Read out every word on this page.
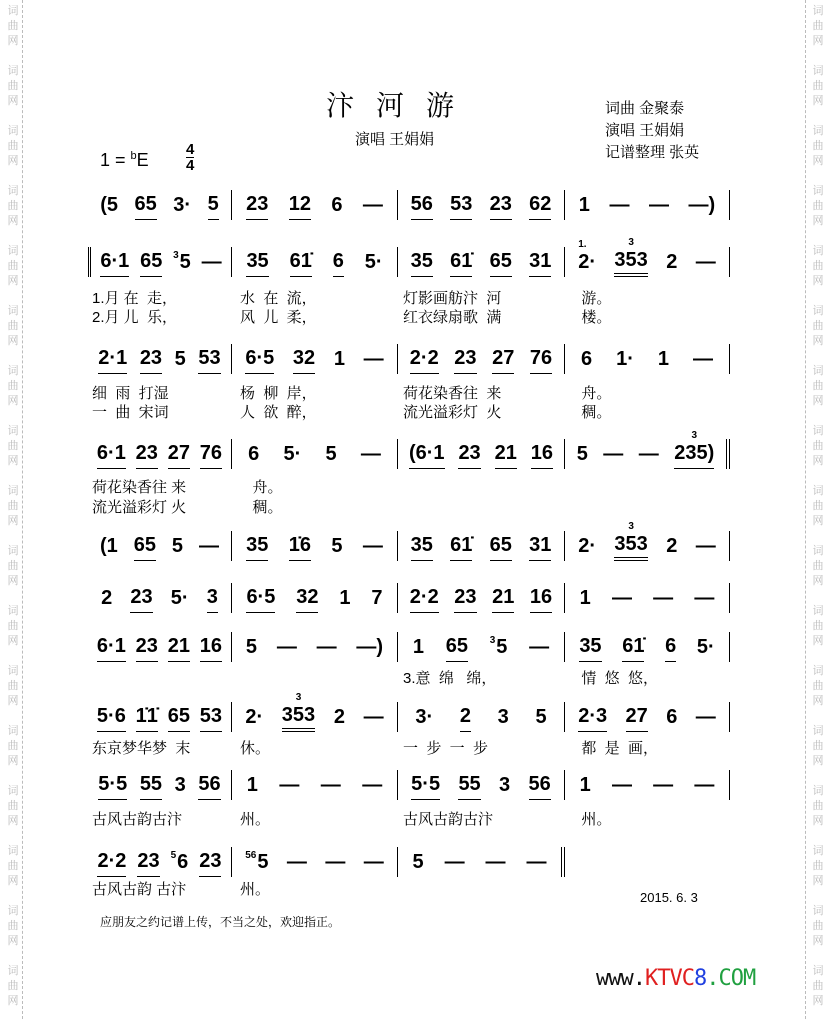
词
曲
网
词
曲
网
词
曲
网
词
曲
网
词
曲
网
词
曲
网
词
曲
网
词
曲
网
词
曲
网
词
曲
网
词
曲
网
词
曲
网
词
曲
网
词
曲
网
词
曲
网
词
曲
网
词
曲
网
词
曲
网
词
曲
网
词
曲
网
词
曲
网
词
曲
网
词
曲
网
词
曲
网
词
曲
网
词
曲
网
词
曲
网
词
曲
网
词
曲
网
词
曲
网
词
曲
网
词
曲
网
词
曲
网
词
曲
网
汴河游
演唱 王娟娟
词曲 金聚泰
演唱 王娟娟
记谱整理 张英
1 = $^b$E
4
4
(5 65 3· 5 23 12 6 — 56 53 23 62 1 — — —)
6·1 65 3 5 — 35 61̇ 6 5· 35 61̇ 65 31
1.
2·
3
353 2 —
2·1 23 5 53 6·5 32 1 — 2·2 23 27 76 6 1· 1 —
6·1 23 27 76 6 5· 5 — (6·1 23 21 16 5 — —
3
235)
(1 65 5 — 35 1̇6 5 — 35 61̇ 65 31 2·
3
353 2 —
2 23 5· 3 6·5 32 1 7 2·2 23 21 16 1 — — —
6·1 23 21 16 5 — — —) 1 65 3 5 — 35 61̇ 6 5·
5·6 1̇1̇ 65 53 2·
3
353 2 — 3· 2 3 5 2·3 27 6 —
5·5 55 3 56 1 — — — 5·5 55 3 56 1 — — —
2·2 23 5 6 23 56 5 — — — 5 — — —
1.月 在  走，	水  在  流，	灯影画舫汴  河	游。
2.月 儿  乐，	风  儿  柔，	红衣绿扇歌  满	楼。
细  雨  打湿	杨  柳  岸，	荷花染香往  来	舟。
一  曲  宋词	人  欲  醉，	流光溢彩灯  火	稠。
荷花染香往 来	舟。
流光溢彩灯 火	稠。
3.意  绵   绵，	情  悠  悠，
东京梦华梦  末	休。	一  步  一  步	都  是  画，
古风古韵古汴	州。	古风古韵古汴	州。
古风古韵 古汴	州。	2015. 6. 3
应朋友之约记谱上传，不当之处，欢迎指正。
www.KTVC8.COM
